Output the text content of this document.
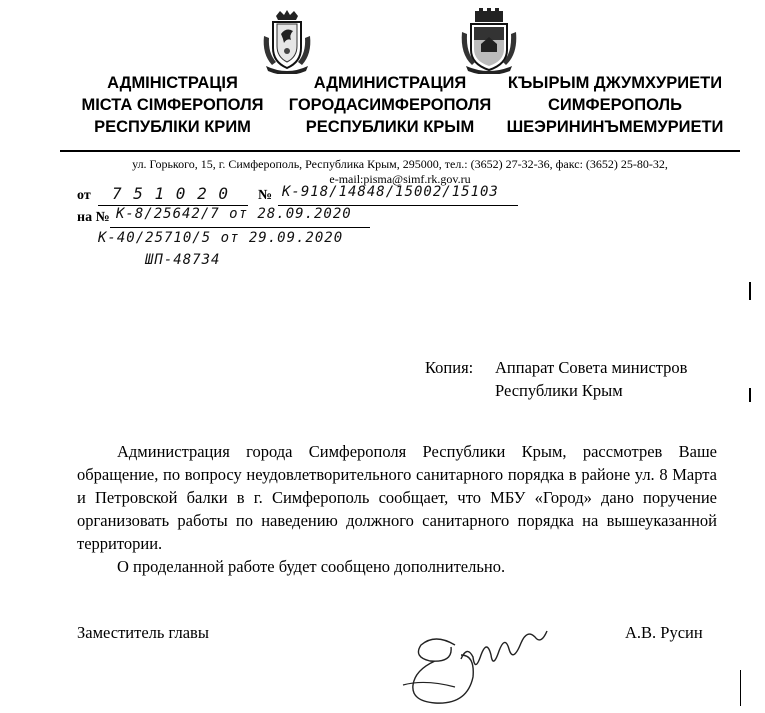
АДМІНІСТРАЦІЯ
МІСТА СІМФЕРОПОЛЯ
РЕСПУБЛІКИ КРИМ
АДМИНИСТРАЦИЯ
ГОРОДАСИМФЕРОПОЛЯ
РЕСПУБЛИКИ КРЫМ
КЪЫРЫМ ДЖУМХУРИЕТИ
СИМФЕРОПОЛЬ
ШЕЭРИНИНЪМЕМУРИЕТИ
ул. Горького, 15, г. Симферополь, Республика Крым, 295000, тел.: (3652) 27-32-36, факс: (3652) 25-80-32,
e-mail:pisma@simf.rk.gov.ru
от 7 5 1 0 2 0 № К-918/14848/15002/15103
на № К-8/25642/7 от 28.09.2020
К-40/25710/5 от 29.09.2020
ШП-48734
Копия: Аппарат Совета министров
Республики Крым

Администрация города Симферополя Республики Крым, рассмотрев Ваше обращение, по вопросу неудовлетворительного санитарного порядка в районе ул. 8 Марта и Петровской балки в г. Симферополь сообщает, что МБУ «Город» дано поручение организовать работы по наведению должного санитарного порядка на вышеуказанной территории.

О проделанной работе будет сообщено дополнительно.

Заместитель главы	А.В. Русин
